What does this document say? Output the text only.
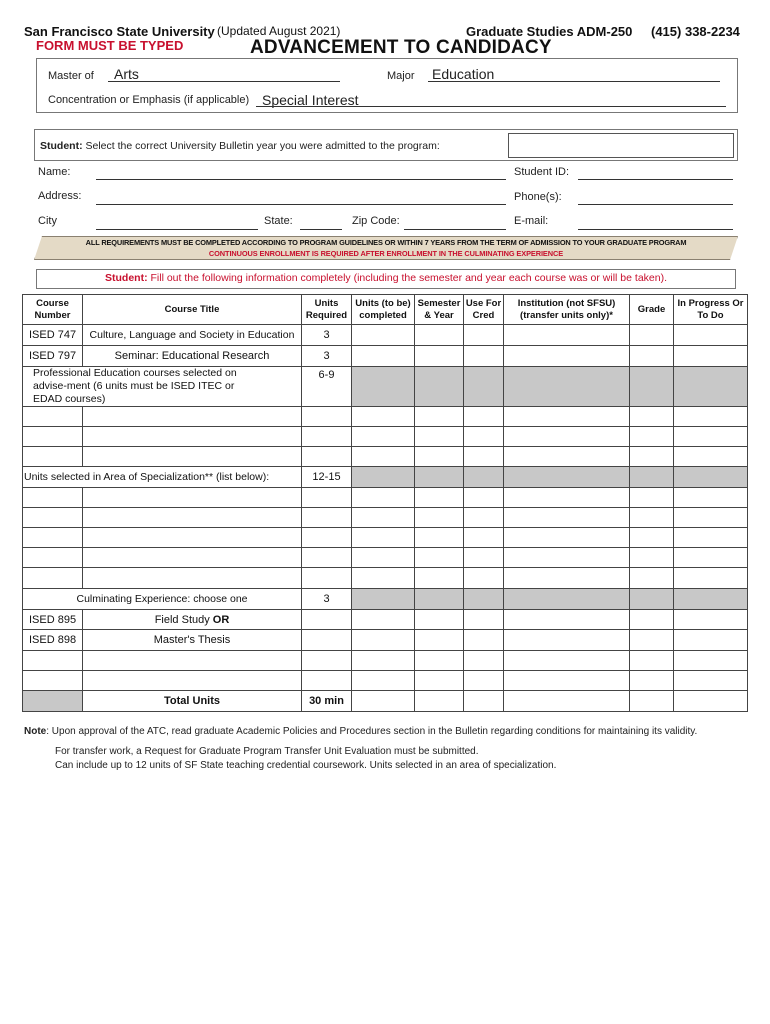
San Francisco State University (Updated August 2021)	Graduate Studies ADM-250 (415) 338-2234
FORM MUST BE TYPED	ADVANCEMENT TO CANDIDACY
Master of Arts	Major Education
Concentration or Emphasis (if applicable) Special Interest
Student: Select the correct University Bulletin year you were admitted to the program:
Name:	Student ID:
Address:	Phone(s):
City	State:	Zip Code:	E-mail:
ALL REQUIREMENTS MUST BE COMPLETED ACCORDING TO PROGRAM GUIDELINES OR WITHIN 7 YEARS FROM THE TERM OF ADMISSION TO YOUR GRADUATE PROGRAM
CONTINUOUS ENROLLMENT IS REQUIRED AFTER ENROLLMENT IN THE CULMINATING EXPERIENCE
Student: Fill out the following information completely (including the semester and year each course was or will be taken).
Course Number	Course Title	Units Required	Units (to be) completed	Semester & Year	Use For Cred	Institution (not SFSU) (transfer units only)*	Grade	In Progress Or To Do
ISED 747	Culture, Language and Society in Education	3						
ISED 797	Seminar: Educational Research	3						
Professional Education courses selected on advise-ment (6 units must be ISED ITEC or EDAD courses)		6-9						

Units selected in Area of Specialization** (list below):		12-15						

Culminating Experience: choose one		3						
ISED 895	Field Study OR							
ISED 898	Master's Thesis							

	Total Units	30 min						
Note: Upon approval of the ATC, read graduate Academic Policies and Procedures section in the Bulletin regarding conditions for maintaining its validity.
For transfer work, a Request for Graduate Program Transfer Unit Evaluation must be submitted.
Can include up to 12 units of SF State teaching credential coursework. Units selected in an area of specialization.
